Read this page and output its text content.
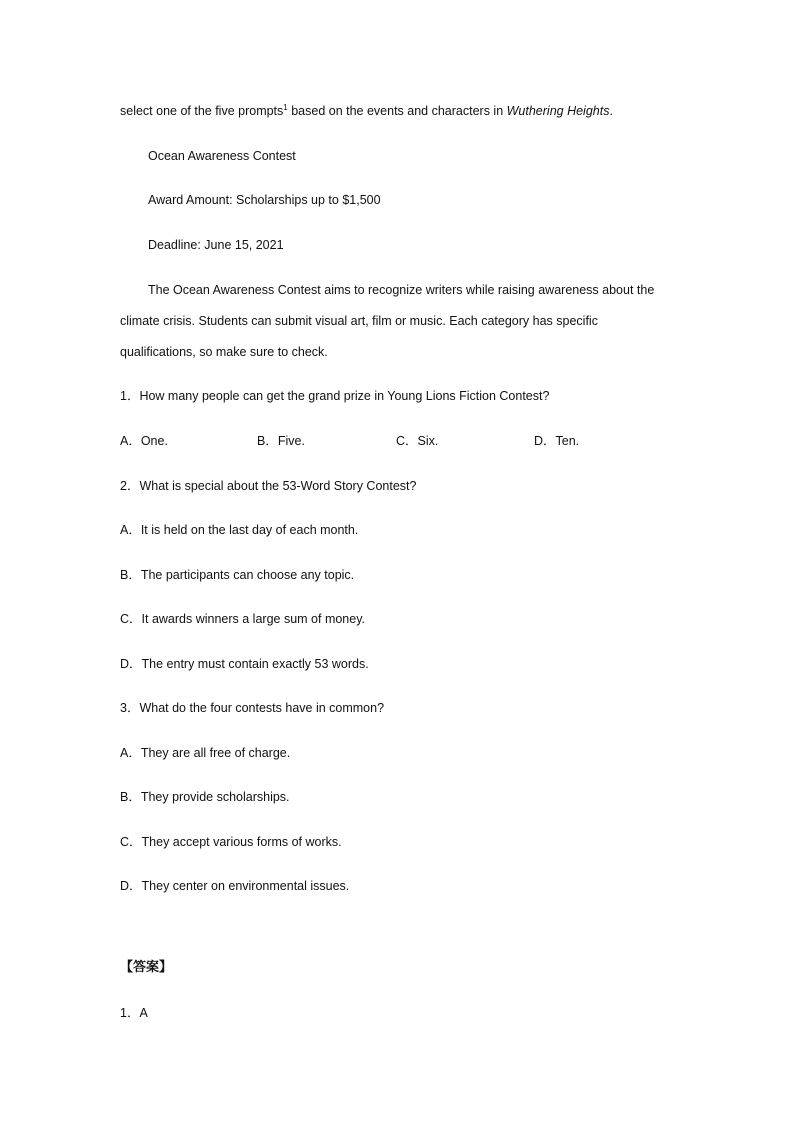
select one of the five prompts$^1$ based on the events and characters in Wuthering Heights.
Ocean Awareness Contest
Award Amount: Scholarships up to $1,500
Deadline: June 15, 2021
The Ocean Awareness Contest aims to recognize writers while raising awareness about the
climate crisis. Students can submit visual art, film or music. Each category has specific
qualifications, so make sure to check.
1．How many people can get the grand prize in Young Lions Fiction Contest?
A．One.	B．Five.	C．Six.	D．Ten.
2．What is special about the 53-Word Story Contest?
A．It is held on the last day of each month.
B．The participants can choose any topic.
C．It awards winners a large sum of money.
D．The entry must contain exactly 53 words.
3．What do the four contests have in common?
A．They are all free of charge.
B．They provide scholarships.
C．They accept various forms of works.
D．They center on environmental issues.
【答案】
1．A
